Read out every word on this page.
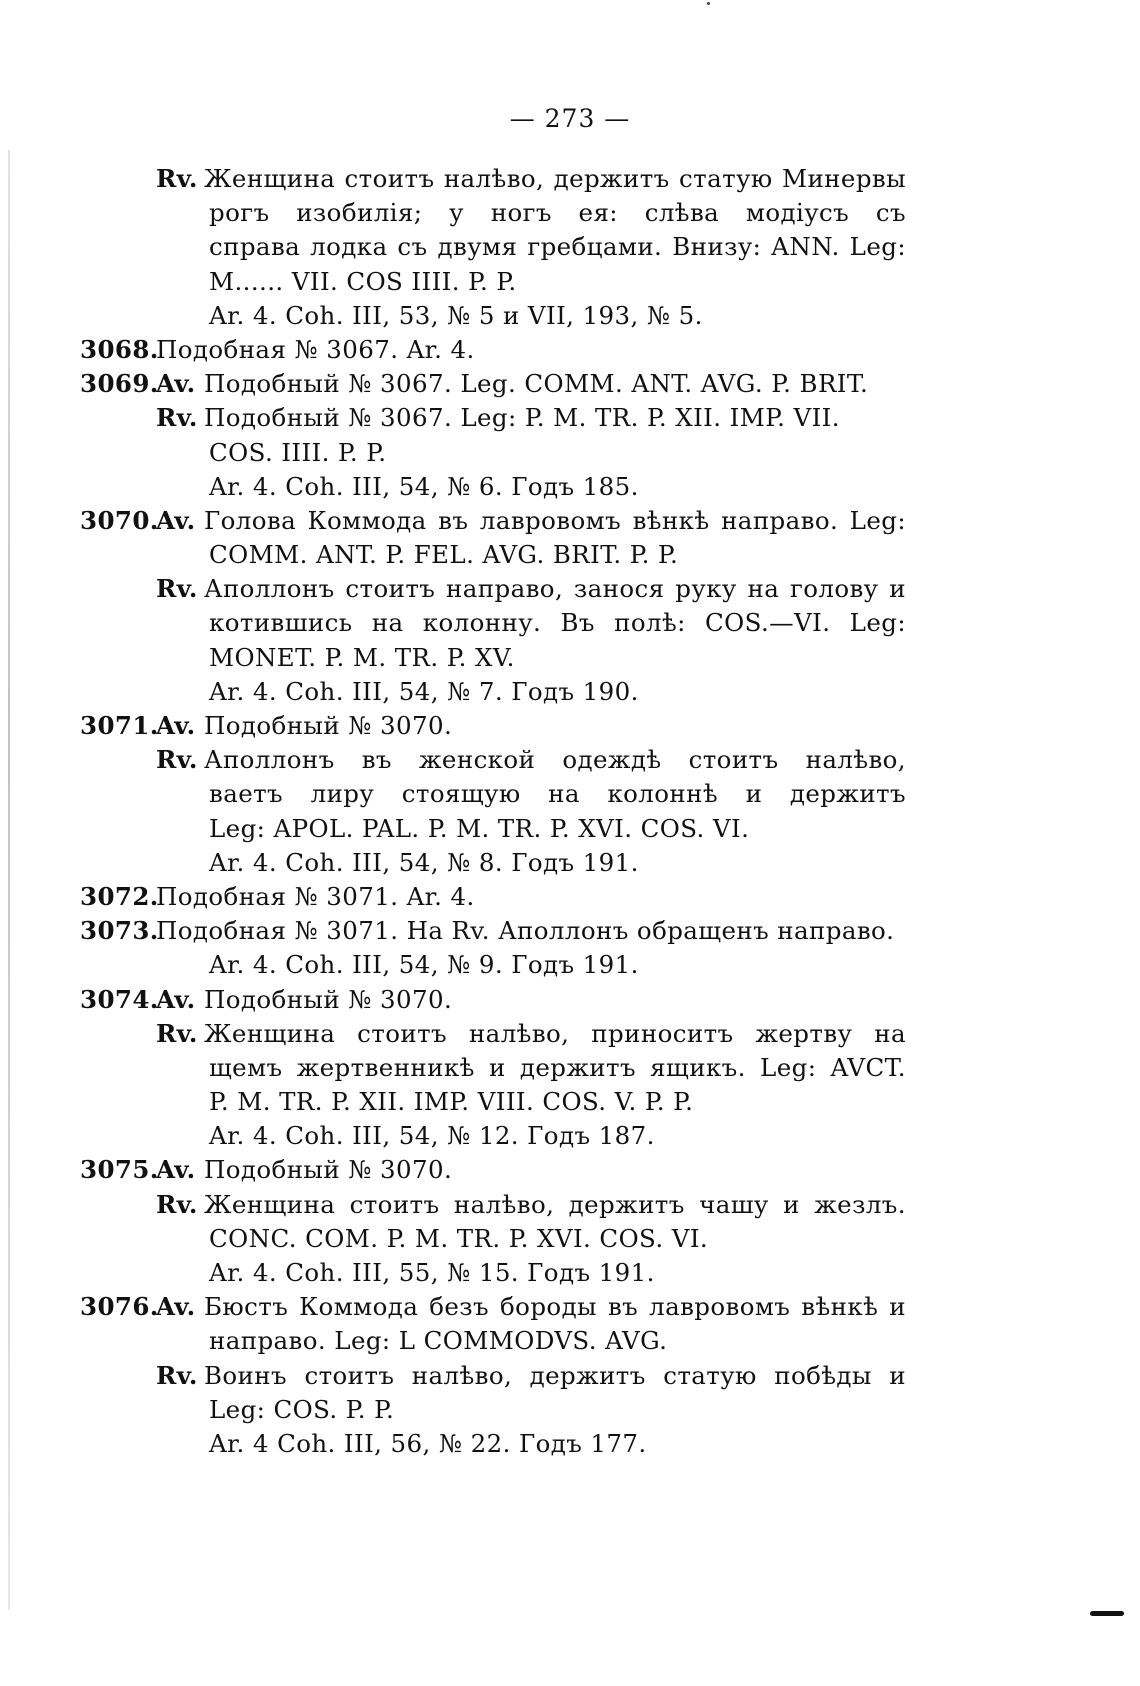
— 273 —
Rv. Женщина стоитъ налѣво, держитъ статую Минервы
рогъ изобилія; у ногъ ея: слѣва модіусъ съ
справа лодка съ двумя гребцами. Внизу: ANN. Leg:
M...... VII. COS ІІІІ. P. P.
Ar. 4. Coh. III, 53, № 5 и VII, 193, № 5.
3068.
Подобная № 3067. Ar. 4.
3069.
Av. Подобный № 3067. Leg. COMM. ANT. AVG. P. BRIT.
Rv. Подобный № 3067. Leg: P. M. TR. P. XII. IMP. VII.
COS. ІІІІ. P. P.
Ar. 4. Coh. III, 54, № 6. Годъ 185.
3070.
Av. Голова Коммода въ лавровомъ вѣнкѣ направо. Leg:
COMM. ANT. P. FEL. AVG. BRIT. P. P.
Rv. Аполлонъ стоитъ направо, занося руку на голову и
котившись на колонну. Въ полѣ: COS.—VI. Leg:
MONET. P. M. TR. P. XV.
Ar. 4. Coh. III, 54, № 7. Годъ 190.
3071.
Av. Подобный № 3070.
Rv. Аполлонъ въ женской одеждѣ стоитъ налѣво,
ваетъ лиру стоящую на колоннѣ и держитъ
Leg: APOL. PAL. P. M. TR. P. XVI. COS. VI.
Ar. 4. Coh. III, 54, № 8. Годъ 191.
3072.
Подобная № 3071. Ar. 4.
3073.
Подобная № 3071. На Rv. Аполлонъ обращенъ направо.
Ar. 4. Coh. III, 54, № 9. Годъ 191.
3074.
Av. Подобный № 3070.
Rv. Женщина стоитъ налѣво, приноситъ жертву на
щемъ жертвенникѣ и держитъ ящикъ. Leg: AVCT.
P. M. TR. P. XII. IMP. VIII. COS. V. P. P.
Ar. 4. Coh. III, 54, № 12. Годъ 187.
3075.
Av. Подобный № 3070.
Rv. Женщина стоитъ налѣво, держитъ чашу и жезлъ.
CONC. COM. P. M. TR. P. XVI. COS. VI.
Ar. 4. Coh. III, 55, № 15. Годъ 191.
3076.
Av. Бюстъ Коммода безъ бороды въ лавровомъ вѣнкѣ и
направо. Leg: L COMMODVS. AVG.
Rv. Воинъ стоитъ налѣво, держитъ статую побѣды и
Leg: COS. P. P.
Ar. 4 Coh. III, 56, № 22. Годъ 177.
